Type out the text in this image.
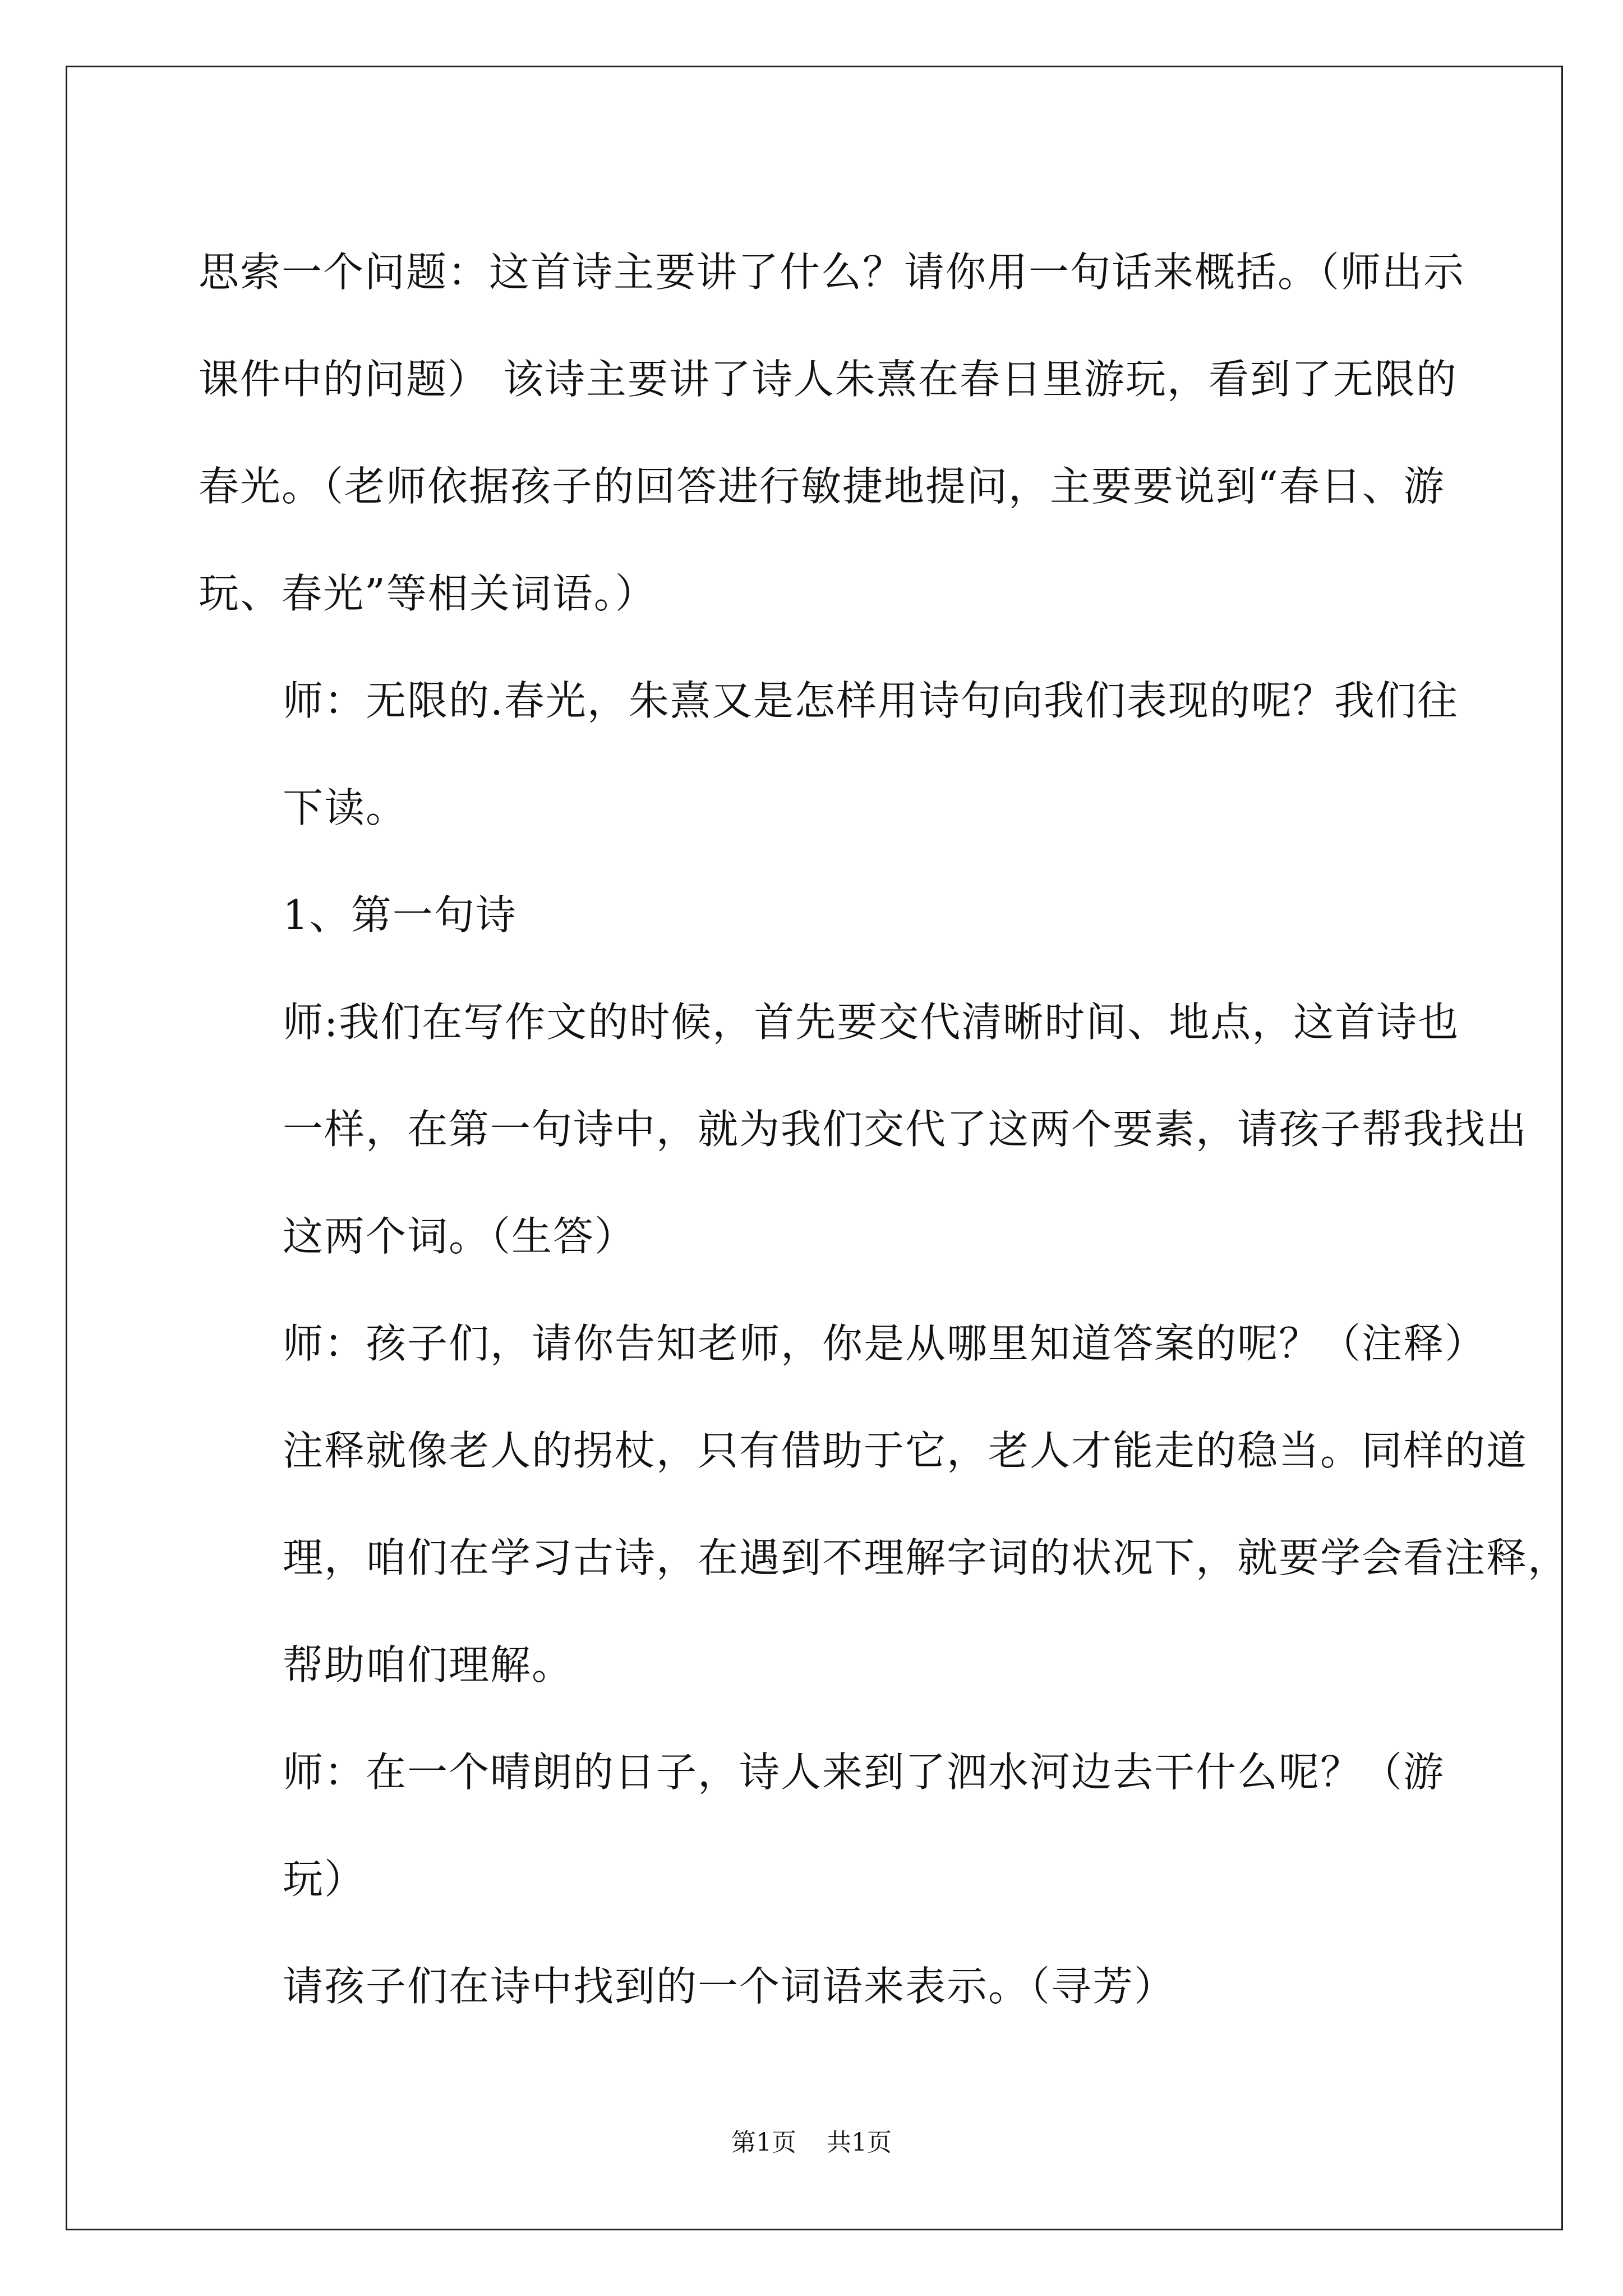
思索一个问题：这首诗主要讲了什么？请你用一句话来概括。（师出示
课件中的问题） 该诗主要讲了诗人朱熹在春日里游玩，看到了无限的
春光。（老师依据孩子的回答进行敏捷地提问，主要要说到“春日、游
玩、春光”等相关词语。）

师：无限的.春光，朱熹又是怎样用诗句向我们表现的呢？我们往
下读。

1、第一句诗

师:我们在写作文的时候，首先要交代清晰时间、地点，这首诗也
一样，在第一句诗中，就为我们交代了这两个要素，请孩子帮我找出
这两个词。（生答）

师：孩子们，请你告知老师，你是从哪里知道答案的呢？（注释）
注释就像老人的拐杖，只有借助于它，老人才能走的稳当。同样的道
理，咱们在学习古诗，在遇到不理解字词的状况下，就要学会看注释，
帮助咱们理解。

师：在一个晴朗的日子，诗人来到了泗水河边去干什么呢？（游
玩）

请孩子们在诗中找到的一个词语来表示。（寻芳）

第1页 共1页
